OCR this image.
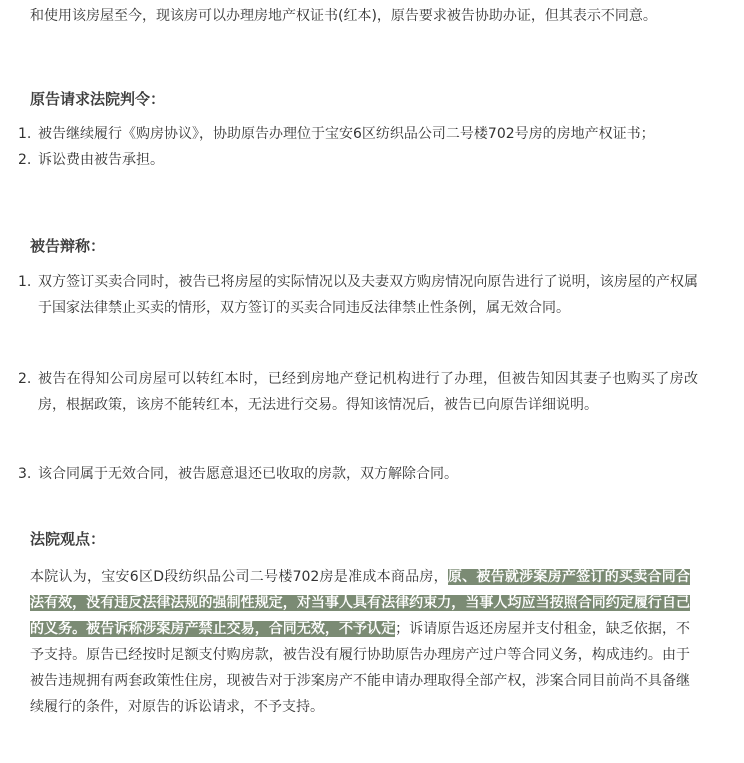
和使用该房屋至今，现该房可以办理房地产权证书(红本)，原告要求被告协助办证，但其表示不同意。

原告请求法院判令：
1. 被告继续履行《购房协议》，协助原告办理位于宝安6区纺织品公司二号楼702号房的房地产权证书；
2. 诉讼费由被告承担。
被告辩称：
1. 双方签订买卖合同时，被告已将房屋的实际情况以及夫妻双方购房情况向原告进行了说明，该房屋的产权属于国家法律禁止买卖的情形，双方签订的买卖合同违反法律禁止性条例，属无效合同。
2. 被告在得知公司房屋可以转红本时，已经到房地产登记机构进行了办理，但被告知因其妻子也购买了房改房，根据政策，该房不能转红本，无法进行交易。得知该情况后，被告已向原告详细说明。
3. 该合同属于无效合同，被告愿意退还已收取的房款，双方解除合同。
法院观点：

本院认为，宝安6区D段纺织品公司二号楼702房是准成本商品房，原、被告就涉案房产签订的买卖合同合法有效，没有违反法律法规的强制性规定，对当事人具有法律约束力，当事人均应当按照合同约定履行自己的义务。被告诉称涉案房产禁止交易，合同无效，不予认定；诉请原告返还房屋并支付租金，缺乏依据，不予支持。原告已经按时足额支付购房款，被告没有履行协助原告办理房产过户等合同义务，构成违约。由于被告违规拥有两套政策性住房，现被告对于涉案房产不能申请办理取得全部产权，涉案合同目前尚不具备继续履行的条件，对原告的诉讼请求，不予支持。
